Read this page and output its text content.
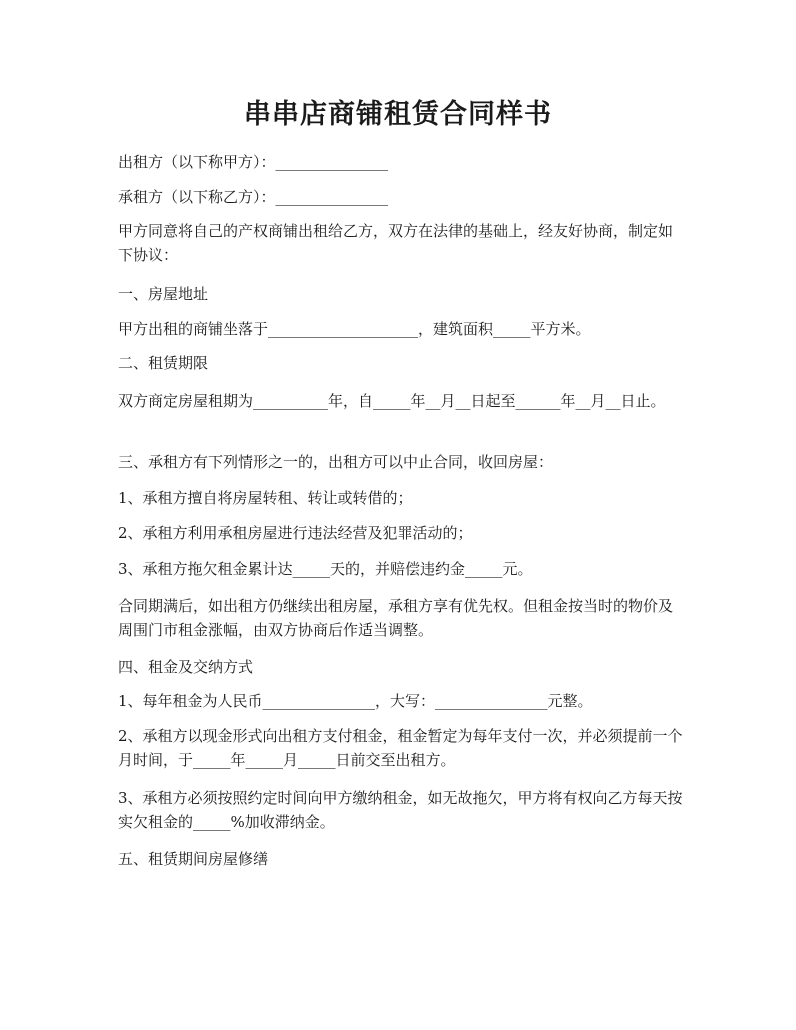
串串店商铺租赁合同样书

出租方（以下称甲方）：_______________

承租方（以下称乙方）：_______________

甲方同意将自己的产权商铺出租给乙方，双方在法律的基础上，经友好协商，制定如下协议：

一、房屋地址

甲方出租的商铺坐落于____________________，建筑面积_____平方米。

二、租赁期限

双方商定房屋租期为__________年，自_____年__月__日起至______年__月__日止。

三、承租方有下列情形之一的，出租方可以中止合同，收回房屋：

1、承租方擅自将房屋转租、转让或转借的；

2、承租方利用承租房屋进行违法经营及犯罪活动的；

3、承租方拖欠租金累计达_____天的，并赔偿违约金_____元。

合同期满后，如出租方仍继续出租房屋，承租方享有优先权。但租金按当时的物价及周围门市租金涨幅，由双方协商后作适当调整。

四、租金及交纳方式

1、每年租金为人民币_______________，大写：_______________元整。

2、承租方以现金形式向出租方支付租金，租金暂定为每年支付一次，并必须提前一个月时间，于_____年_____月_____日前交至出租方。

3、承租方必须按照约定时间向甲方缴纳租金，如无故拖欠，甲方将有权向乙方每天按实欠租金的_____%加收滞纳金。

五、租赁期间房屋修缮
